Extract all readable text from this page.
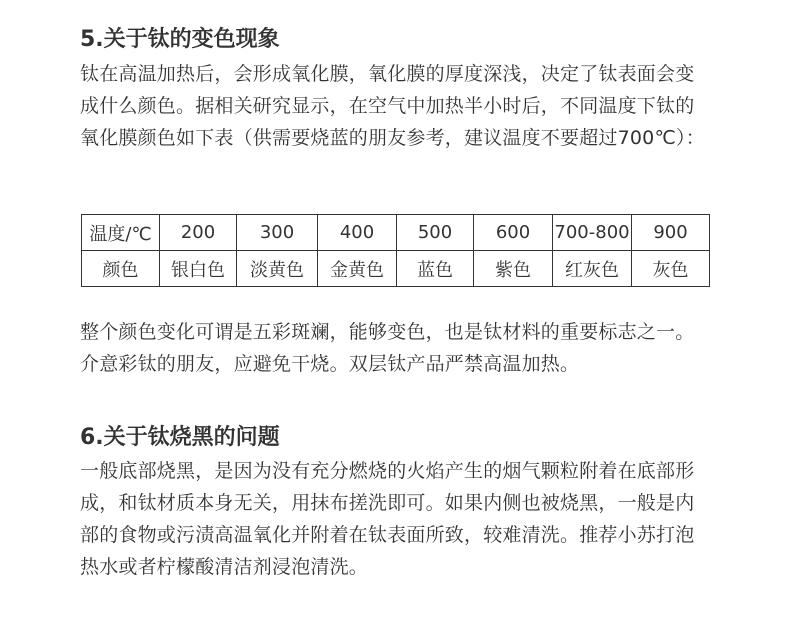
5.关于钛的变色现象

钛在高温加热后，会形成氧化膜，氧化膜的厚度深浅，决定了钛表面会变成什么颜色。据相关研究显示，在空气中加热半小时后，不同温度下钛的氧化膜颜色如下表（供需要烧蓝的朋友参考，建议温度不要超过700℃）：

温度/℃	200	300	400	500	600	700-800	900
颜色	银白色	淡黄色	金黄色	蓝色	紫色	红灰色	灰色

整个颜色变化可谓是五彩斑斓，能够变色，也是钛材料的重要标志之一。介意彩钛的朋友，应避免干烧。双层钛产品严禁高温加热。

6.关于钛烧黑的问题

一般底部烧黑，是因为没有充分燃烧的火焰产生的烟气颗粒附着在底部形成，和钛材质本身无关，用抹布搓洗即可。如果内侧也被烧黑，一般是内部的食物或污渍高温氧化并附着在钛表面所致，较难清洗。推荐小苏打泡热水或者柠檬酸清洁剂浸泡清洗。
